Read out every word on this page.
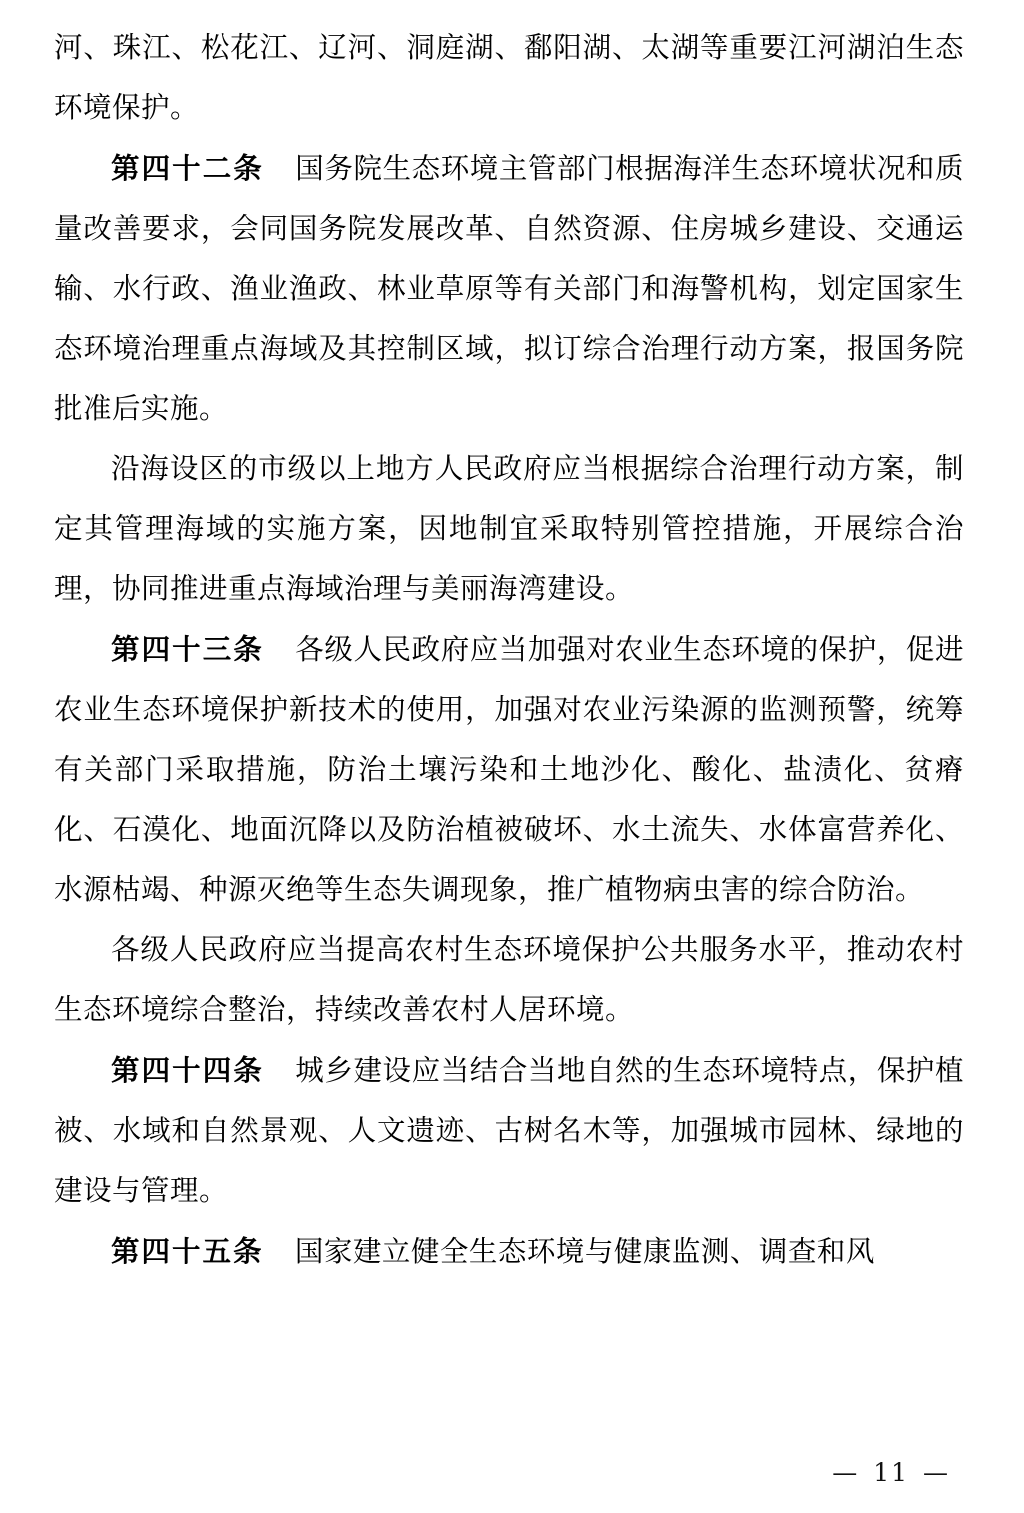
河、珠江、松花江、辽河、洞庭湖、鄱阳湖、太湖等重要江河湖泊生态环境保护。

第四十二条 国务院生态环境主管部门根据海洋生态环境状况和质量改善要求，会同国务院发展改革、自然资源、住房城乡建设、交通运输、水行政、渔业渔政、林业草原等有关部门和海警机构，划定国家生态环境治理重点海域及其控制区域，拟订综合治理行动方案，报国务院批准后实施。

沿海设区的市级以上地方人民政府应当根据综合治理行动方案，制定其管理海域的实施方案，因地制宜采取特别管控措施，开展综合治理，协同推进重点海域治理与美丽海湾建设。

第四十三条 各级人民政府应当加强对农业生态环境的保护，促进农业生态环境保护新技术的使用，加强对农业污染源的监测预警，统筹有关部门采取措施，防治土壤污染和土地沙化、酸化、盐渍化、贫瘠化、石漠化、地面沉降以及防治植被破坏、水土流失、水体富营养化、水源枯竭、种源灭绝等生态失调现象，推广植物病虫害的综合防治。

各级人民政府应当提高农村生态环境保护公共服务水平，推动农村生态环境综合整治，持续改善农村人居环境。

第四十四条 城乡建设应当结合当地自然的生态环境特点，保护植被、水域和自然景观、人文遗迹、古树名木等，加强城市园林、绿地的建设与管理。

第四十五条 国家建立健全生态环境与健康监测、调查和风

— 11 —
